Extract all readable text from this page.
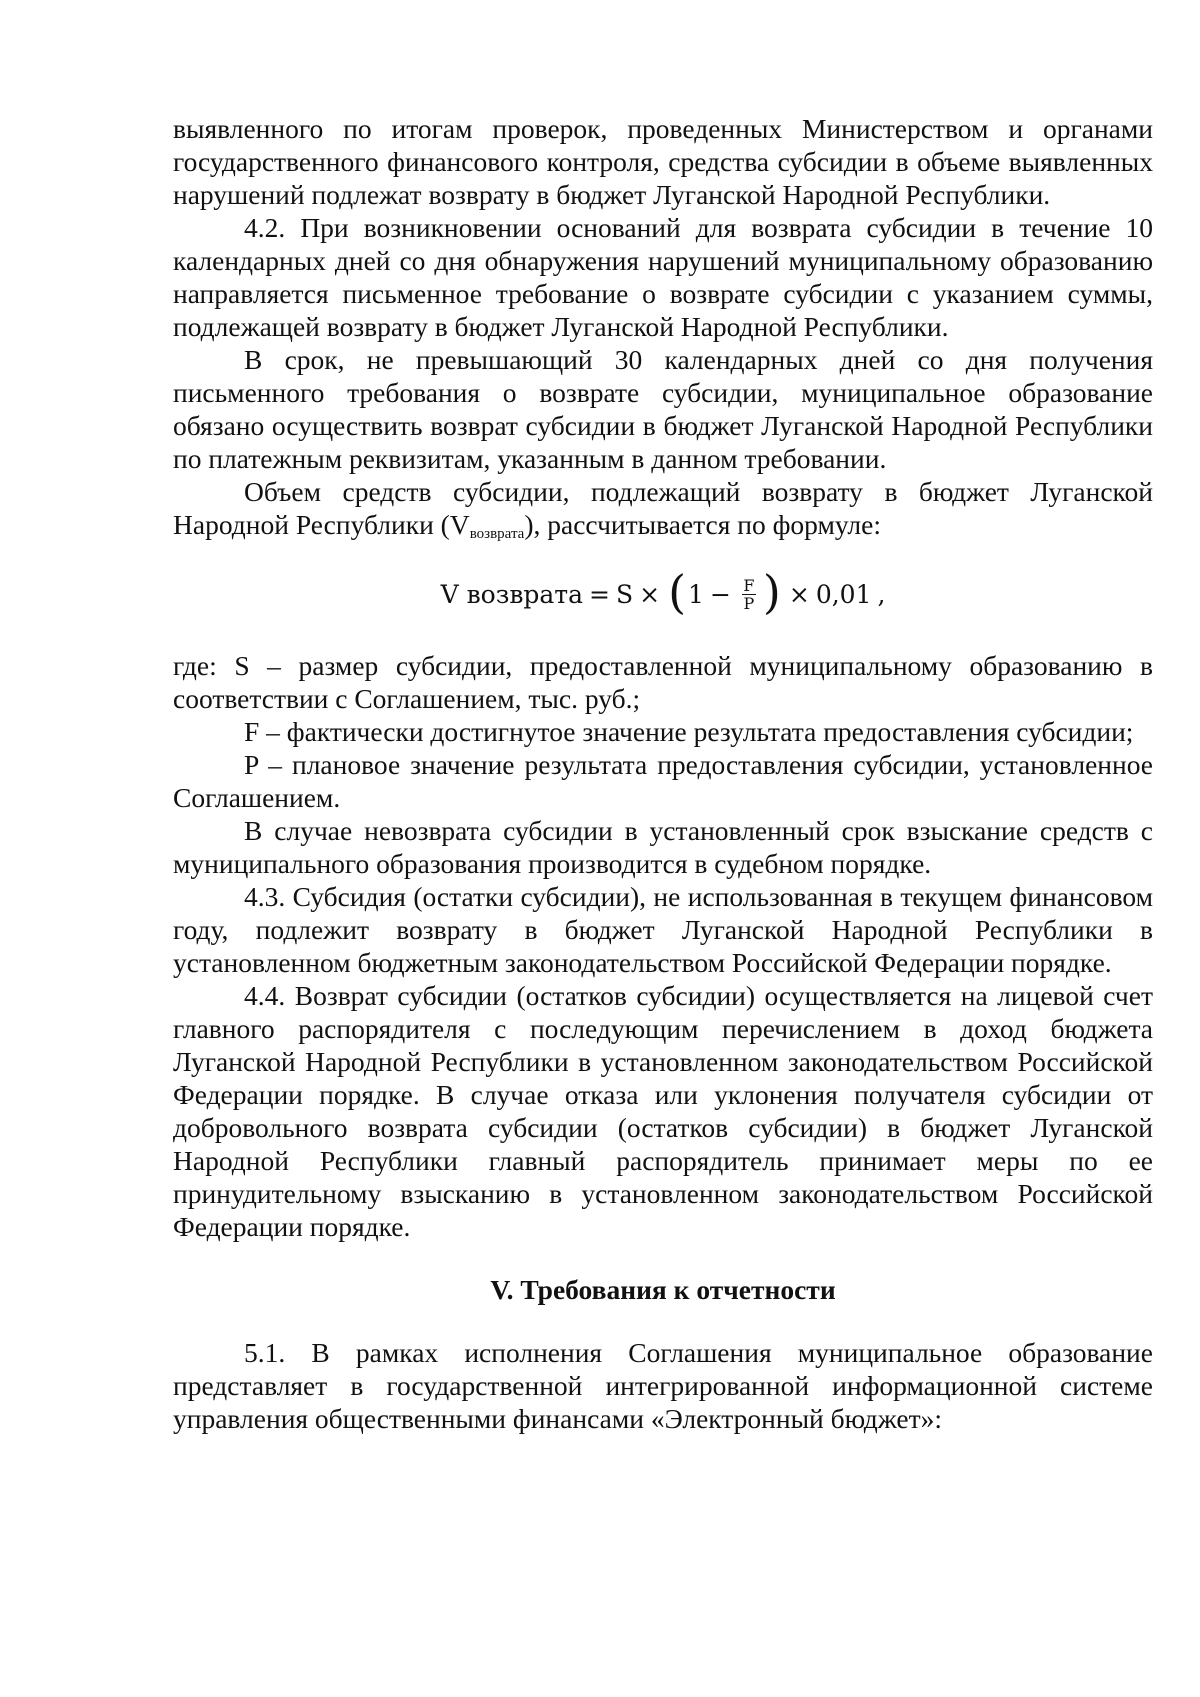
выявленного по итогам проверок, проведенных Министерством и органами государственного финансового контроля, средства субсидии в объеме выявленных нарушений подлежат возврату в бюджет Луганской Народной Республики.

4.2. При возникновении оснований для возврата субсидии в течение 10 календарных дней со дня обнаружения нарушений муниципальному образованию направляется письменное требование о возврате субсидии с указанием суммы, подлежащей возврату в бюджет Луганской Народной Республики.

В срок, не превышающий 30 календарных дней со дня получения письменного требования о возврате субсидии, муниципальное образование обязано осуществить возврат субсидии в бюджет Луганской Народной Республики по платежным реквизитам, указанным в данном требовании.

Объем средств субсидии, подлежащий возврату в бюджет Луганской Народной Республики $(V_{возврата})$, рассчитывается по формуле:

V возврата = S × ( $1 - \frac{F}{P}$ ) × 0,01 ,

где: S – размер субсидии, предоставленной муниципальному образованию в соответствии с Соглашением, тыс. руб.;

F – фактически достигнутое значение результата предоставления субсидии;

P – плановое значение результата предоставления субсидии, установленное Соглашением.

В случае невозврата субсидии в установленный срок взыскание средств с муниципального образования производится в судебном порядке.

4.3. Субсидия (остатки субсидии), не использованная в текущем финансовом году, подлежит возврату в бюджет Луганской Народной Республики в установленном бюджетным законодательством Российской Федерации порядке.

4.4. Возврат субсидии (остатков субсидии) осуществляется на лицевой счет главного распорядителя с последующим перечислением в доход бюджета Луганской Народной Республики в установленном законодательством Российской Федерации порядке. В случае отказа или уклонения получателя субсидии от добровольного возврата субсидии (остатков субсидии) в бюджет Луганской Народной Республики главный распорядитель принимает меры по ее принудительному взысканию в установленном законодательством Российской Федерации порядке.

V. Требования к отчетности

5.1. В рамках исполнения Соглашения муниципальное образование представляет в государственной интегрированной информационной системе управления общественными финансами «Электронный бюджет»:
